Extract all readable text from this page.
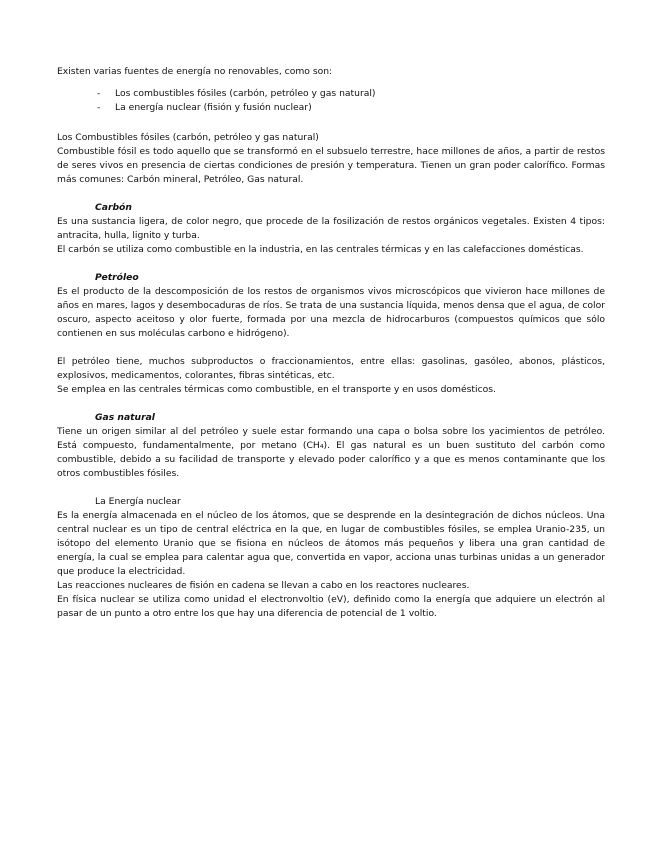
Existen varias fuentes de energía no renovables, como son:

- Los combustibles fósiles (carbón, petróleo y gas natural)
- La energía nuclear (fisión y fusión nuclear)

Los Combustibles fósiles (carbón, petróleo y gas natural)

Combustible fósil es todo aquello que se transformó en el subsuelo terrestre, hace millones de años, a partir de restos de seres vivos en presencia de ciertas condiciones de presión y temperatura. Tienen un gran poder calorífico. Formas más comunes: Carbón mineral, Petróleo, Gas natural.

Carbón

Es una sustancia ligera, de color negro, que procede de la fosilización de restos orgánicos vegetales. Existen 4 tipos: antracita, hulla, lignito y turba.

El carbón se utiliza como combustible en la industria, en las centrales térmicas y en las calefacciones domésticas.

Petróleo

Es el producto de la descomposición de los restos de organismos vivos microscópicos que vivieron hace millones de años en mares, lagos y desembocaduras de ríos. Se trata de una sustancia líquida, menos densa que el agua, de color oscuro, aspecto aceitoso y olor fuerte, formada por una mezcla de hidrocarburos (compuestos químicos que sólo contienen en sus moléculas carbono e hidrógeno).

El petróleo tiene, muchos subproductos o fraccionamientos, entre ellas: gasolinas, gasóleo, abonos, plásticos, explosivos, medicamentos, colorantes, fibras sintéticas, etc.

Se emplea en las centrales térmicas como combustible, en el transporte y en usos domésticos.

Gas natural

Tiene un origen similar al del petróleo y suele estar formando una capa o bolsa sobre los yacimientos de petróleo. Está compuesto, fundamentalmente, por metano (CH₄). El gas natural es un buen sustituto del carbón como combustible, debido a su facilidad de transporte y elevado poder calorífico y a que es menos contaminante que los otros combustibles fósiles.

La Energía nuclear

Es la energía almacenada en el núcleo de los átomos, que se desprende en la desintegración de dichos núcleos. Una central nuclear es un tipo de central eléctrica en la que, en lugar de combustibles fósiles, se emplea Uranio-235, un isótopo del elemento Uranio que se fisiona en núcleos de átomos más pequeños y libera una gran cantidad de energía, la cual se emplea para calentar agua que, convertida en vapor, acciona unas turbinas unidas a un generador que produce la electricidad.

Las reacciones nucleares de fisión en cadena se llevan a cabo en los reactores nucleares.

En física nuclear se utiliza como unidad el electronvoltio (eV), definido como la energía que adquiere un electrón al pasar de un punto a otro entre los que hay una diferencia de potencial de 1 voltio.
